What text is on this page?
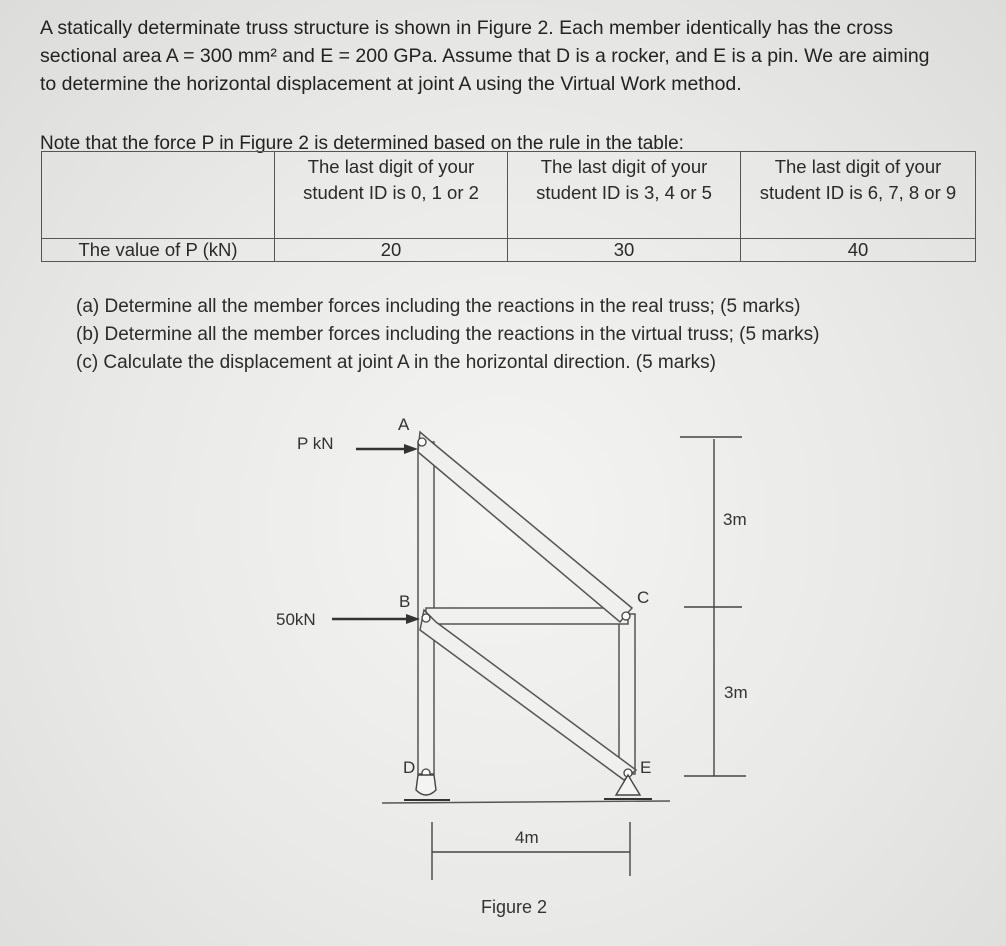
A statically determinate truss structure is shown in Figure 2. Each member identically has the cross
sectional area A = 300 mm² and E = 200 GPa. Assume that D is a rocker, and E is a pin. We are aiming
to determine the horizontal displacement at joint A using the Virtual Work method.
Note that the force P in Figure 2 is determined based on the rule in the table:
	The last digit of your student ID is 0, 1 or 2	The last digit of your student ID is 3, 4 or 5	The last digit of your student ID is 6, 7, 8 or 9
The value of P (kN)	20	30	40
(a) Determine all the member forces including the reactions in the real truss; (5 marks)
(b) Determine all the member forces including the reactions in the virtual truss; (5 marks)
(c) Calculate the displacement at joint A in the horizontal direction. (5 marks)
P kN
50kN
A
B	C
D	E
3m
3m
4m
Figure 2
